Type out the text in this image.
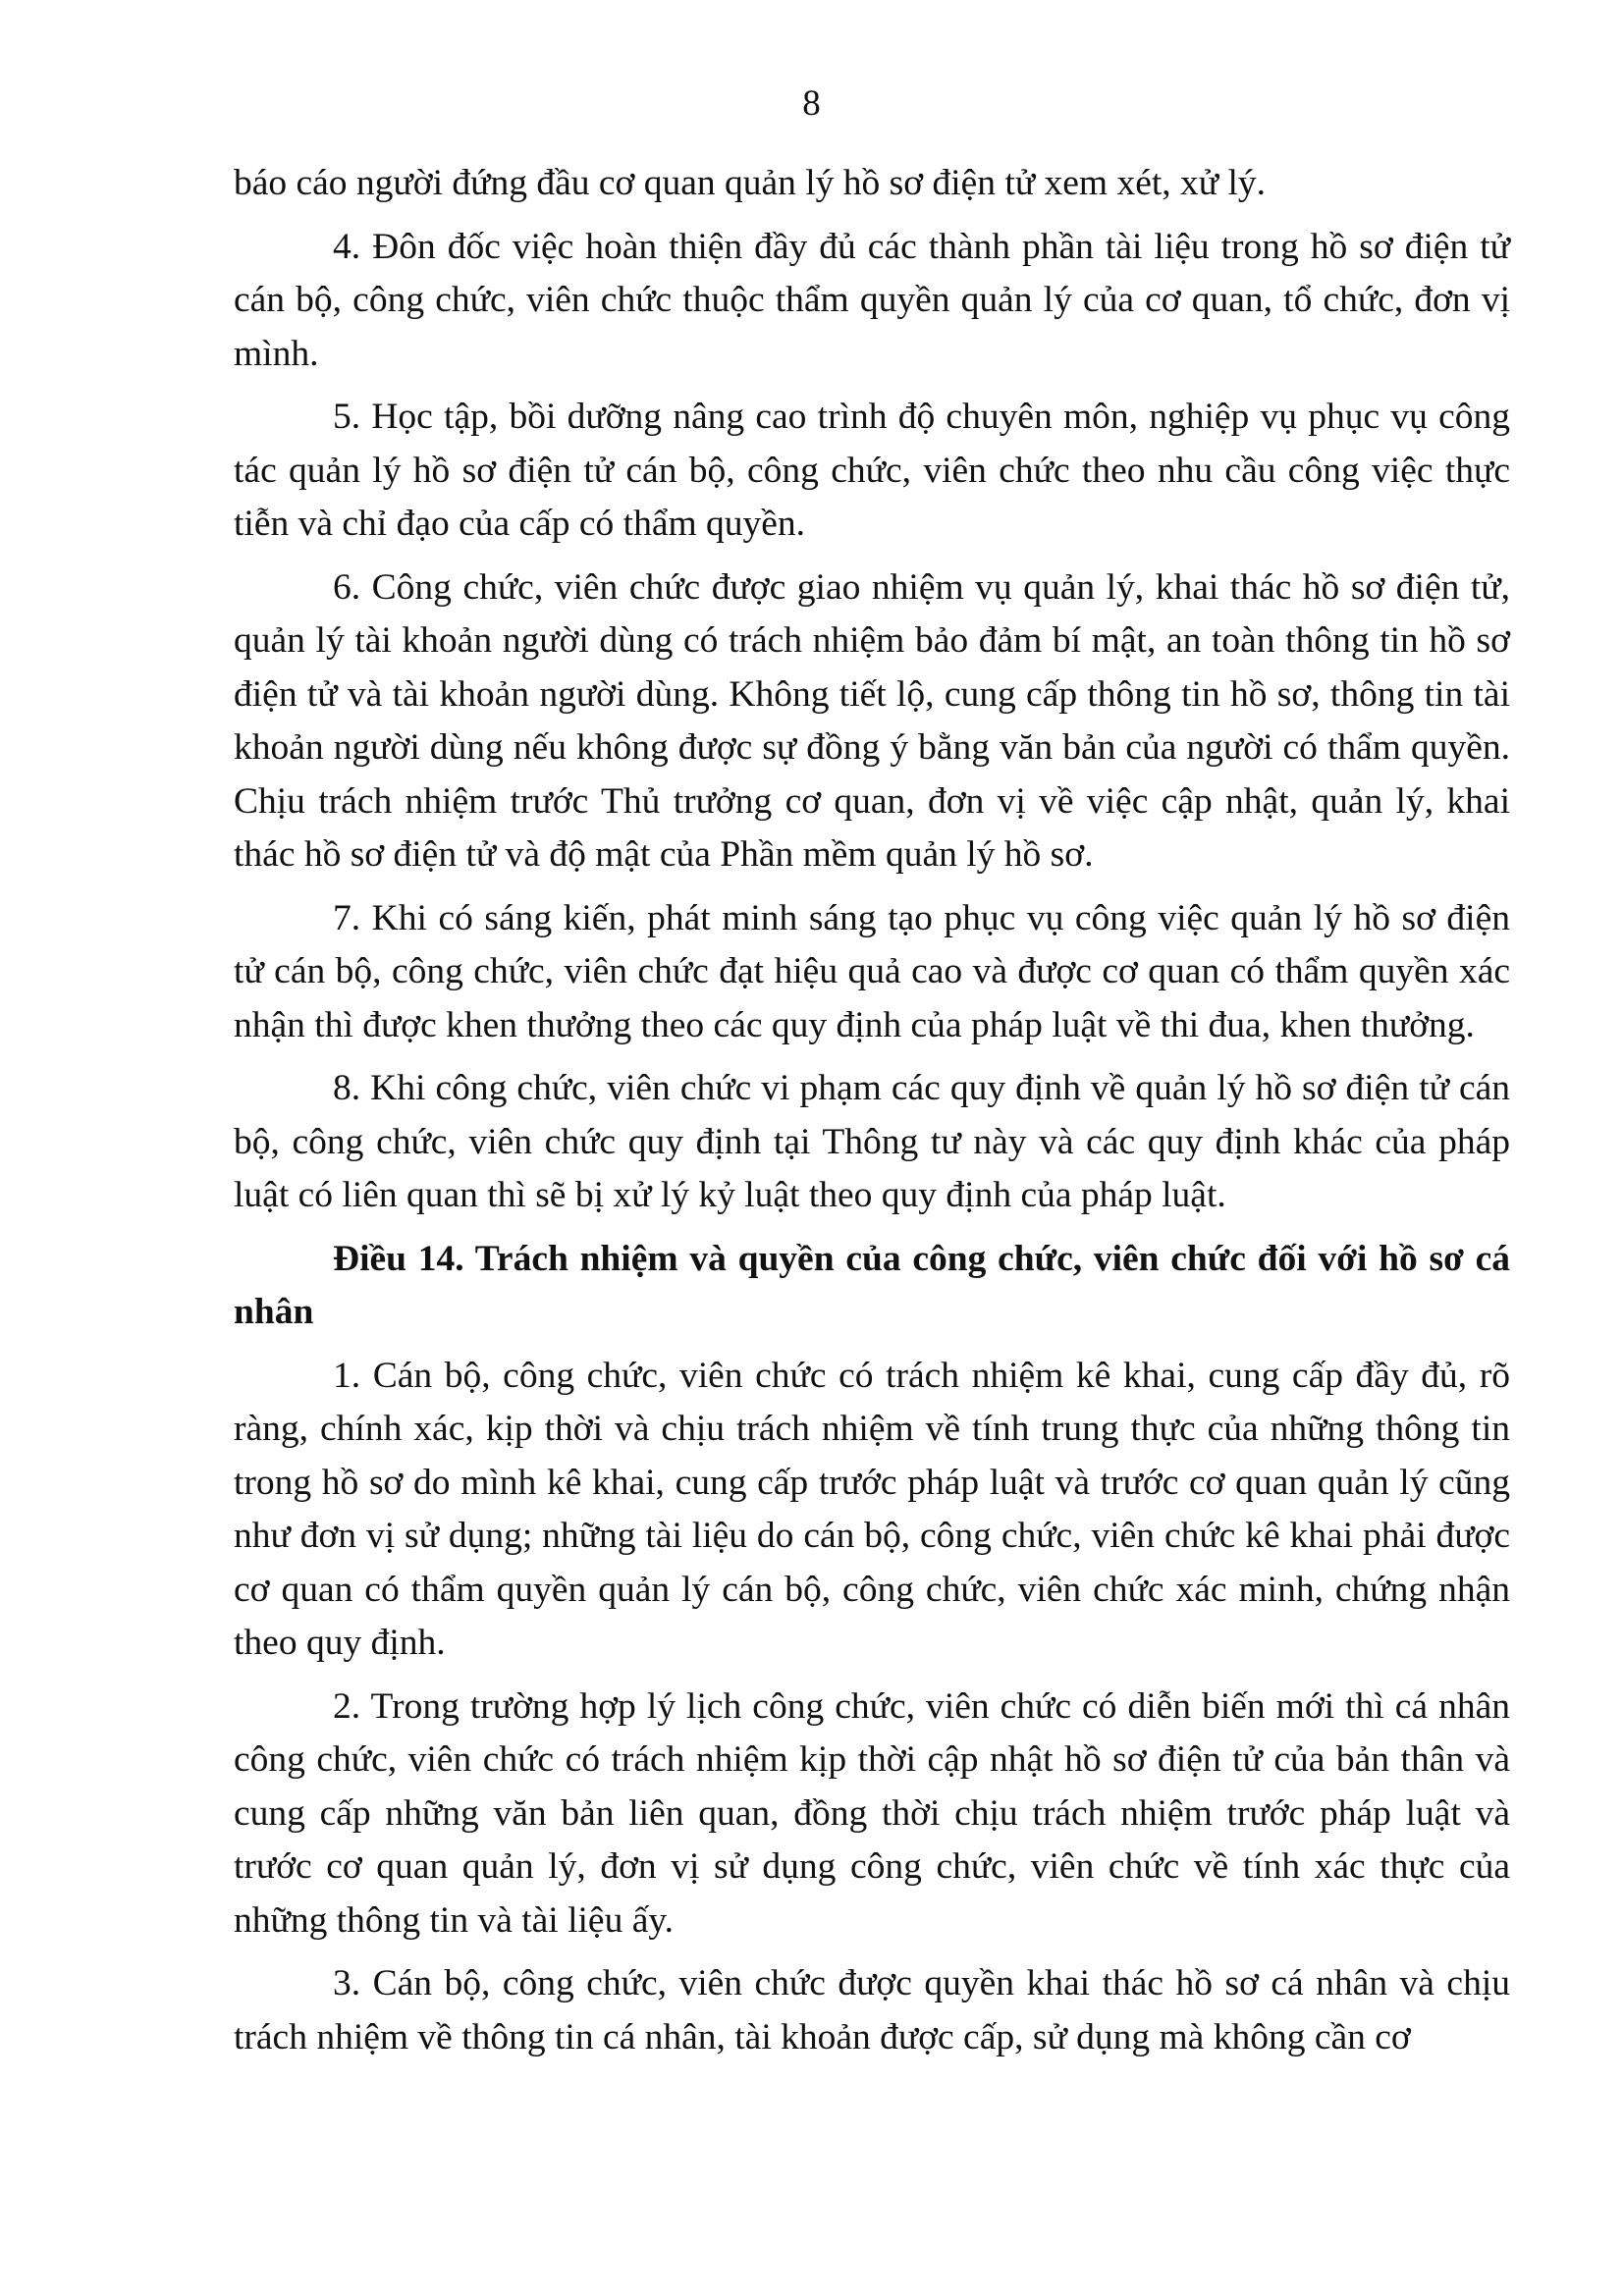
8

báo cáo người đứng đầu cơ quan quản lý hồ sơ điện tử xem xét, xử lý.

4. Đôn đốc việc hoàn thiện đầy đủ các thành phần tài liệu trong hồ sơ điện tử cán bộ, công chức, viên chức thuộc thẩm quyền quản lý của cơ quan, tổ chức, đơn vị mình.

5. Học tập, bồi dưỡng nâng cao trình độ chuyên môn, nghiệp vụ phục vụ công tác quản lý hồ sơ điện tử cán bộ, công chức, viên chức theo nhu cầu công việc thực tiễn và chỉ đạo của cấp có thẩm quyền.

6. Công chức, viên chức được giao nhiệm vụ quản lý, khai thác hồ sơ điện tử, quản lý tài khoản người dùng có trách nhiệm bảo đảm bí mật, an toàn thông tin hồ sơ điện tử và tài khoản người dùng. Không tiết lộ, cung cấp thông tin hồ sơ, thông tin tài khoản người dùng nếu không được sự đồng ý bằng văn bản của người có thẩm quyền. Chịu trách nhiệm trước Thủ trưởng cơ quan, đơn vị về việc cập nhật, quản lý, khai thác hồ sơ điện tử và độ mật của Phần mềm quản lý hồ sơ.

7. Khi có sáng kiến, phát minh sáng tạo phục vụ công việc quản lý hồ sơ điện tử cán bộ, công chức, viên chức đạt hiệu quả cao và được cơ quan có thẩm quyền xác nhận thì được khen thưởng theo các quy định của pháp luật về thi đua, khen thưởng.

8. Khi công chức, viên chức vi phạm các quy định về quản lý hồ sơ điện tử cán bộ, công chức, viên chức quy định tại Thông tư này và các quy định khác của pháp luật có liên quan thì sẽ bị xử lý kỷ luật theo quy định của pháp luật.

Điều 14. Trách nhiệm và quyền của công chức, viên chức đối với hồ sơ cá nhân

1. Cán bộ, công chức, viên chức có trách nhiệm kê khai, cung cấp đầy đủ, rõ ràng, chính xác, kịp thời và chịu trách nhiệm về tính trung thực của những thông tin trong hồ sơ do mình kê khai, cung cấp trước pháp luật và trước cơ quan quản lý cũng như đơn vị sử dụng; những tài liệu do cán bộ, công chức, viên chức kê khai phải được cơ quan có thẩm quyền quản lý cán bộ, công chức, viên chức xác minh, chứng nhận theo quy định.

2. Trong trường hợp lý lịch công chức, viên chức có diễn biến mới thì cá nhân công chức, viên chức có trách nhiệm kịp thời cập nhật hồ sơ điện tử của bản thân và cung cấp những văn bản liên quan, đồng thời chịu trách nhiệm trước pháp luật và trước cơ quan quản lý, đơn vị sử dụng công chức, viên chức về tính xác thực của những thông tin và tài liệu ấy.

3. Cán bộ, công chức, viên chức được quyền khai thác hồ sơ cá nhân và chịu trách nhiệm về thông tin cá nhân, tài khoản được cấp, sử dụng mà không cần cơ
